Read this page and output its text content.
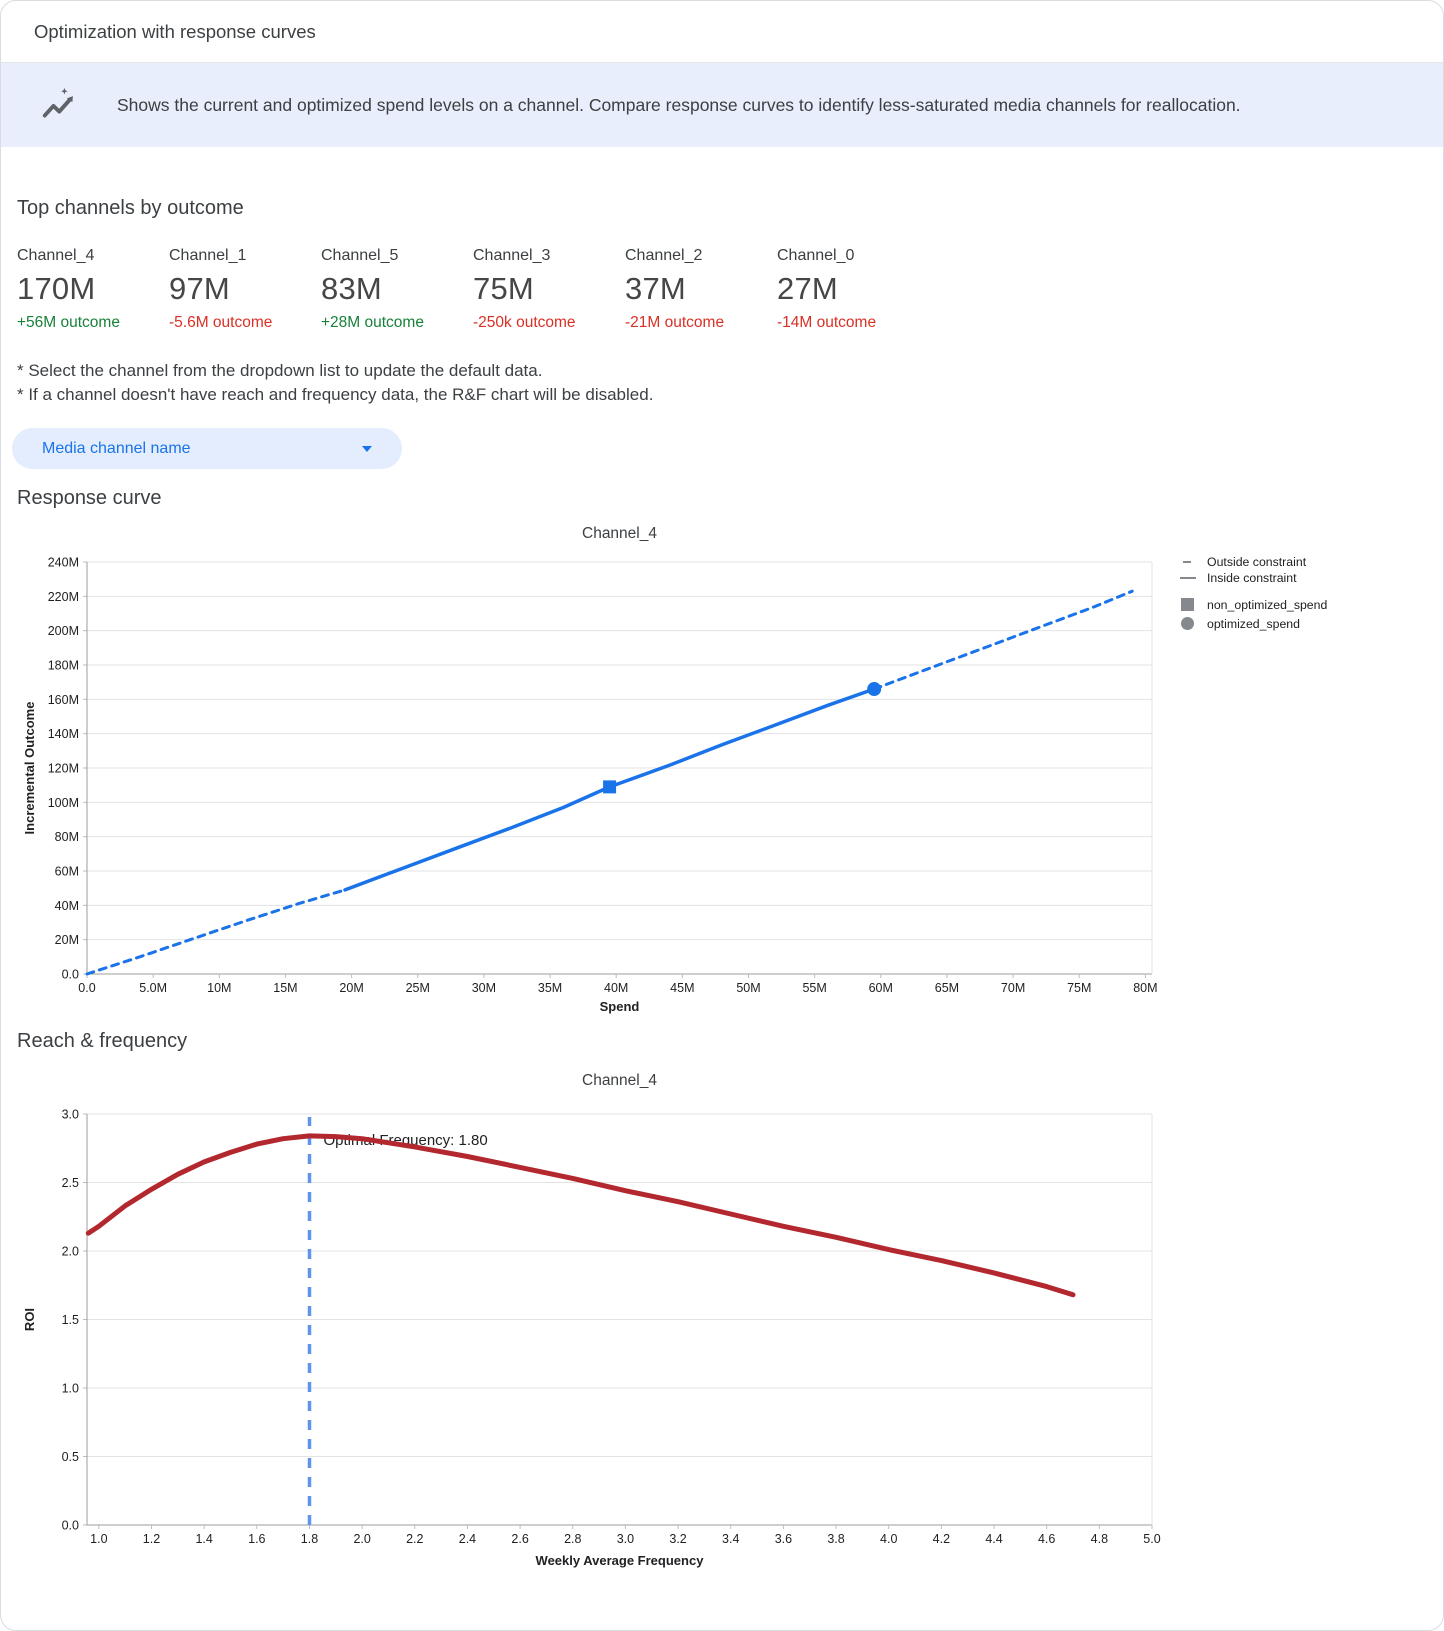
Optimization with response curves
Shows the current and optimized spend levels on a channel. Compare response curves to identify less-saturated media channels for reallocation.
Top channels by outcome
Channel_4
170M
+56M outcome
Channel_1
97M
-5.6M outcome
Channel_5
83M
+28M outcome
Channel_3
75M
-250k outcome
Channel_2
37M
-21M outcome
Channel_0
27M
-14M outcome
* Select the channel from the dropdown list to update the default data.
* If a channel doesn't have reach and frequency data, the R&F chart will be disabled.
Media channel name
Response curve
Channel_4
0.0
20M
40M
60M
80M
100M
120M
140M
160M
180M
200M
220M
240M
0.0	5.0M	10M	15M	20M	25M	30M	35M	40M	45M	50M	55M	60M	65M	70M	75M	80M
Spend
Incremental Outcome
Outside constraint
Inside constraint
non_optimized_spend
optimized_spend
Reach & frequency
Channel_4
0.0
0.5
1.0
1.5
2.0
2.5
3.0
1.0	1.2	1.4	1.6	1.8	2.0	2.2	2.4	2.6	2.8	3.0	3.2	3.4	3.6	3.8	4.0	4.2	4.4	4.6	4.8	5.0
Weekly Average Frequency
ROI
Optimal Frequency: 1.80
